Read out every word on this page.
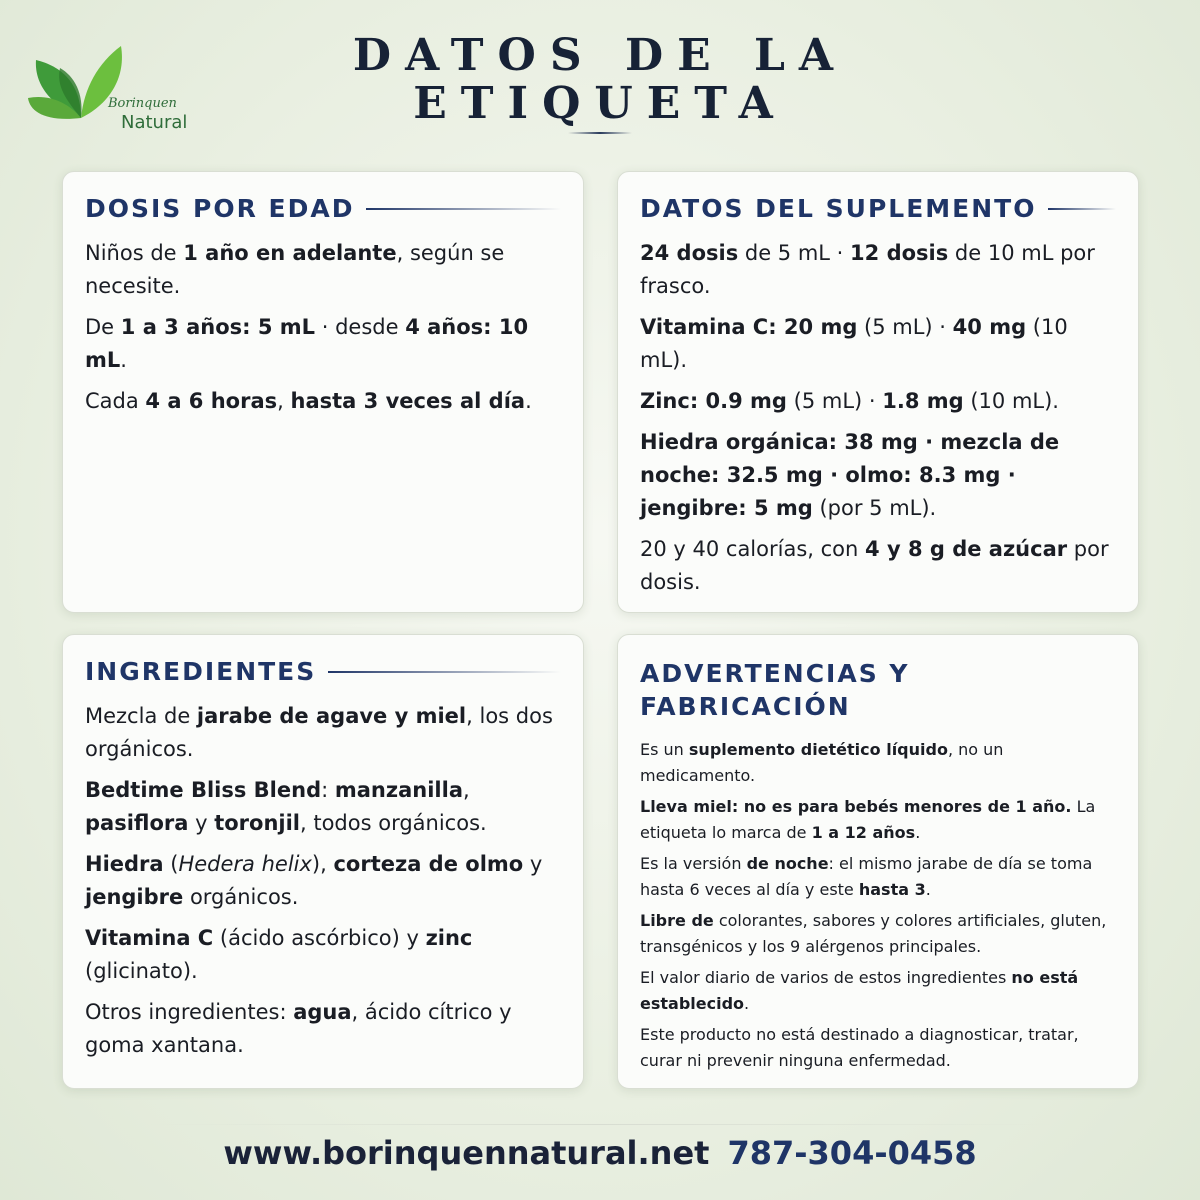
Borinquen
Natural
DATOS DE LA
ETIQUETA
DOSIS POR EDAD

Niños de 1 año en adelante, según se necesite.

De 1 a 3 años: 5 mL · desde 4 años: 10 mL.

Cada 4 a 6 horas, hasta 3 veces al día.

DATOS DEL SUPLEMENTO

24 dosis de 5 mL · 12 dosis de 10 mL por frasco.

Vitamina C: 20 mg (5 mL) · 40 mg (10 mL).

Zinc: 0.9 mg (5 mL) · 1.8 mg (10 mL).

Hiedra orgánica: 38 mg · mezcla de noche: 32.5 mg · olmo: 8.3 mg · jengibre: 5 mg (por 5 mL).

20 y 40 calorías, con 4 y 8 g de azúcar por dosis.

INGREDIENTES

Mezcla de jarabe de agave y miel, los dos orgánicos.

Bedtime Bliss Blend: manzanilla, pasiflora y toronjil, todos orgánicos.

Hiedra (Hedera helix), corteza de olmo y jengibre orgánicos.

Vitamina C (ácido ascórbico) y zinc (glicinato).

Otros ingredientes: agua, ácido cítrico y goma xantana.

ADVERTENCIAS Y FABRICACIÓN

Es un suplemento dietético líquido, no un medicamento.

Lleva miel: no es para bebés menores de 1 año. La etiqueta lo marca de 1 a 12 años.

Es la versión de noche: el mismo jarabe de día se toma hasta 6 veces al día y este hasta 3.

Libre de colorantes, sabores y colores artificiales, gluten, transgénicos y los 9 alérgenos principales.

El valor diario de varios de estos ingredientes no está establecido.

Este producto no está destinado a diagnosticar, tratar, curar ni prevenir ninguna enfermedad.

www.borinquennatural.net 787-304-0458
